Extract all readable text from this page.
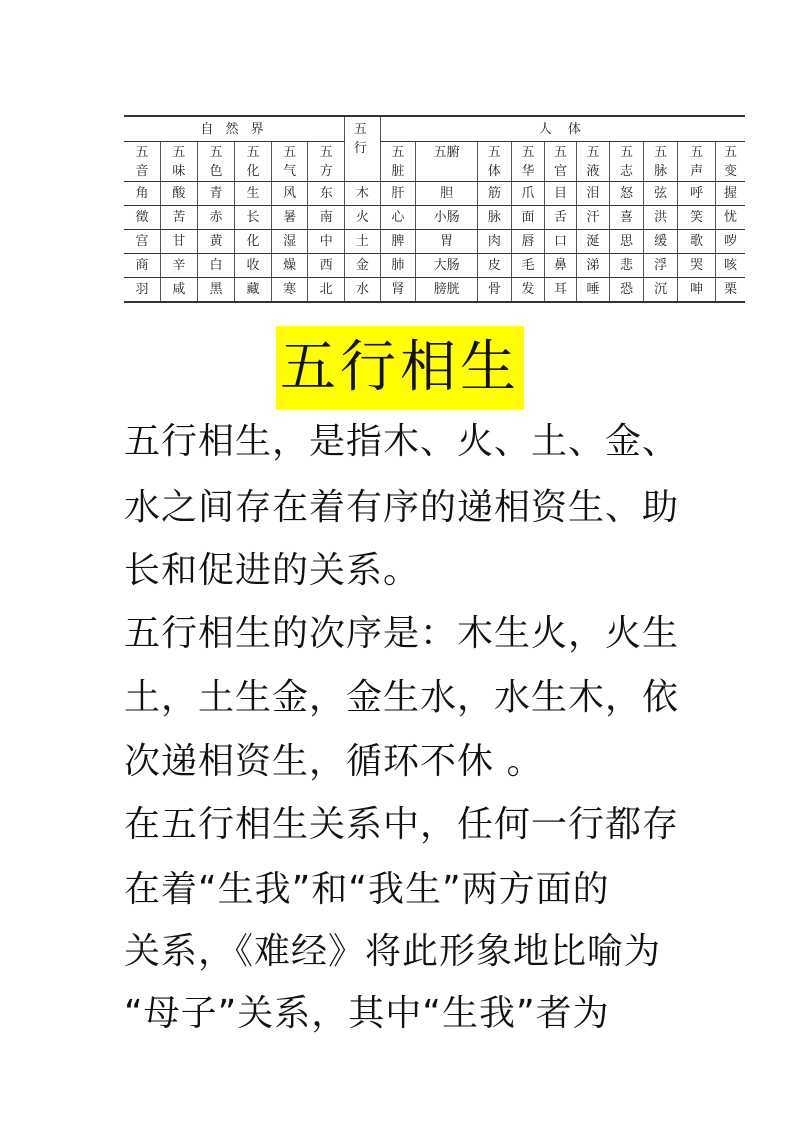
自 然 界						五
行	人 体									
五	五	五	五	五	五		五	五腑	五	五	五	五	五	五	五	五
音	味	色	化	气	方		脏		体	华	官	液	志	脉	声	变
角	酸	青	生	风	东	木	肝	胆	筋	爪	目	泪	怒	弦	呼	握
徵	苦	赤	长	暑	南	火	心	小肠	脉	面	舌	汗	喜	洪	笑	忧
宫	甘	黄	化	湿	中	土	脾	胃	肉	唇	口	涎	思	缓	歌	哕
商	辛	白	收	燥	西	金	肺	大肠	皮	毛	鼻	涕	悲	浮	哭	咳
羽	咸	黑	藏	寒	北	水	肾	膀胱	骨	发	耳	唾	恐	沉	呻	栗
五行相生
五行相生，是指木、火、土、金、
水之间存在着有序的递相资生、助
长和促进的关系。
五行相生的次序是：木生火，火生
土，土生金，金生水，水生木，依
次递相资生，循环不休 。
在五行相生关系中，任何一行都存
在着“生我”和“我生”两方面的
关系，《难经》将此形象地比喻为
“母子”关系，其中“生我”者为
